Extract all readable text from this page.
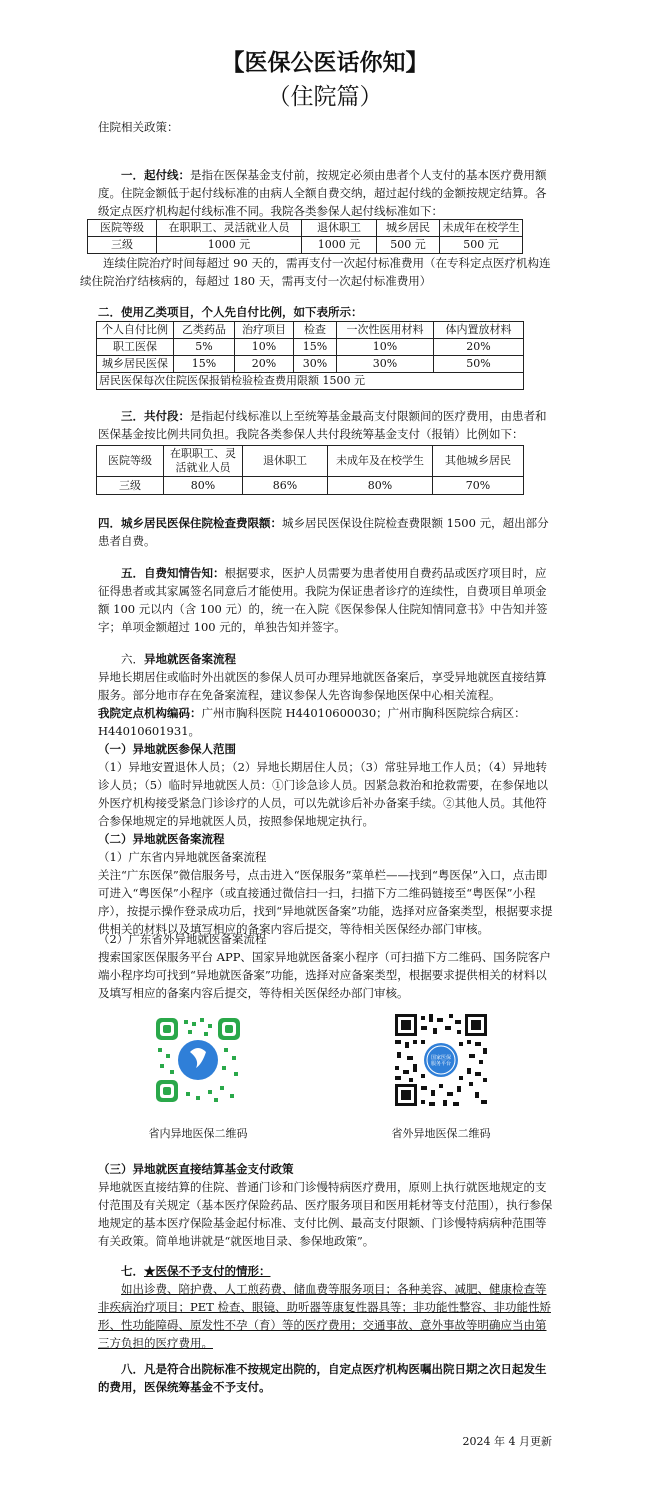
【医保公医话你知】
（住院篇）

住院相关政策：

一．起付线：是指在医保基金支付前，按规定必须由患者个人支付的基本医疗费用额度。住院金额低于起付线标准的由病人全额自费交纳，超过起付线的金额按规定结算。各级定点医疗机构起付线标准不同。我院各类参保人起付线标准如下：

医院等级	在职职工、灵活就业人员	退休职工	城乡居民	未成年在校学生
三级	1000 元	1000 元	500 元	500 元

连续住院治疗时间每超过 90 天的，需再支付一次起付标准费用（在专科定点医疗机构连续住院治疗结核病的，每超过 180 天，需再支付一次起付标准费用）

二．使用乙类项目，个人先自付比例，如下表所示：

个人自付比例	乙类药品	治疗项目	检查	一次性医用材料	体内置放材料
职工医保	5%	10%	15%	10%	20%
城乡居民医保	15%	20%	30%	30%	50%
居民医保每次住院医保报销检验检查费用限额 1500 元					

三．共付段：是指起付线标准以上至统筹基金最高支付限额间的医疗费用，由患者和医保基金按比例共同负担。我院各类参保人共付段统筹基金支付（报销）比例如下：

医院等级	在职职工、灵活就业人员	退休职工	未成年及在校学生	其他城乡居民
三级	80%	86%	80%	70%

四．城乡居民医保住院检查费限额：城乡居民医保设住院检查费限额 1500 元，超出部分患者自费。

五．自费知情告知：根据要求，医护人员需要为患者使用自费药品或医疗项目时，应征得患者或其家属签名同意后才能使用。我院为保证患者诊疗的连续性，自费项目单项金额 100 元以内（含 100 元）的，统一在入院《医保参保人住院知情同意书》中告知并签字；单项金额超过 100 元的，单独告知并签字。

六．异地就医备案流程

异地长期居住或临时外出就医的参保人员可办理异地就医备案后，享受异地就医直接结算服务。部分地市存在免备案流程，建议参保人先咨询参保地医保中心相关流程。

我院定点机构编码：广州市胸科医院 H44010600030；广州市胸科医院综合病区：H44010601931。

（一）异地就医参保人范围

（1）异地安置退休人员；（2）异地长期居住人员；（3）常驻异地工作人员；（4）异地转诊人员；（5）临时异地就医人员：①门诊急诊人员。因紧急救治和抢救需要，在参保地以外医疗机构接受紧急门诊诊疗的人员，可以先就诊后补办备案手续。②其他人员。其他符合参保地规定的异地就医人员，按照参保地规定执行。

（二）异地就医备案流程

（1）广东省内异地就医备案流程

关注“广东医保”微信服务号，点击进入“医保服务”菜单栏——找到“粤医保”入口，点击即可进入“粤医保”小程序（或直接通过微信扫一扫，扫描下方二维码链接至“粤医保”小程序），按提示操作登录成功后，找到“异地就医备案”功能，选择对应备案类型，根据要求提供相关的材料以及填写相应的备案内容后提交，等待相关医保经办部门审核。

（2）广东省外异地就医备案流程

搜索国家医保服务平台 APP、国家异地就医备案小程序（可扫描下方二维码、国务院客户端小程序均可找到“异地就医备案”功能，选择对应备案类型，根据要求提供相关的材料以及填写相应的备案内容后提交，等待相关医保经办部门审核。

国家医保服务平台
省内异地医保二维码	省外异地医保二维码

（三）异地就医直接结算基金支付政策

异地就医直接结算的住院、普通门诊和门诊慢特病医疗费用，原则上执行就医地规定的支付范围及有关规定（基本医疗保险药品、医疗服务项目和医用耗材等支付范围），执行参保地规定的基本医疗保险基金起付标准、支付比例、最高支付限额、门诊慢特病病种范围等有关政策。简单地讲就是“就医地目录、参保地政策”。

七．★医保不予支付的情形：

如出诊费、陪护费、人工煎药费、储血费等服务项目；各种美容、减肥、健康检查等非疾病治疗项目；PET 检查、眼镜、助听器等康复性器具等；非功能性整容、非功能性矫形、性功能障碍、原发性不孕（育）等的医疗费用；交通事故、意外事故等明确应当由第三方负担的医疗费用。

八．凡是符合出院标准不按规定出院的，自定点医疗机构医嘱出院日期之次日起发生的费用，医保统筹基金不予支付。

2024 年 4 月更新
